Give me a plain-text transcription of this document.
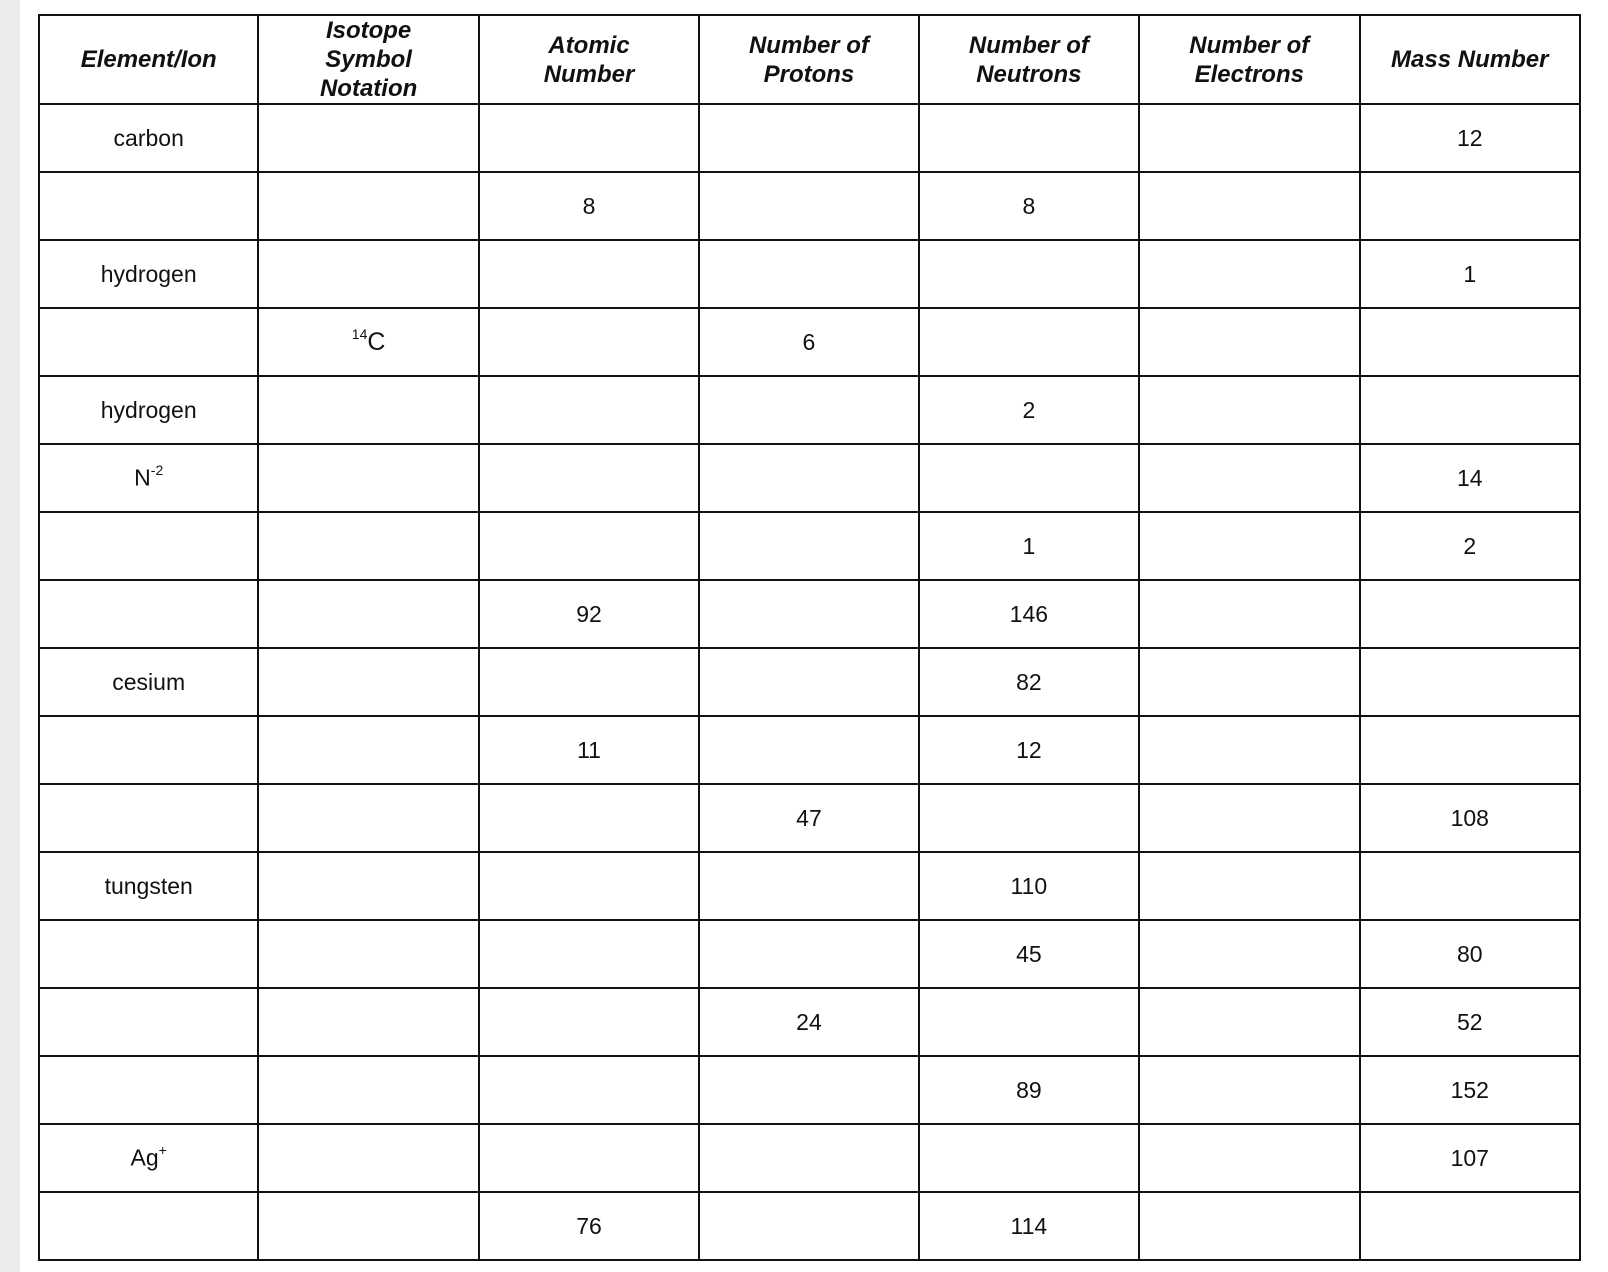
Element/Ion	Isotope Symbol Notation	Atomic Number	Number of Protons	Number of Neutrons	Number of Electrons	Mass Number
carbon						12
		8		8		
hydrogen						1
	$^{14}$C		6			
hydrogen				2		
$N^{-2}$						14
				1		2
		92		146		
cesium				82		
		11		12		
			47			108
tungsten				110		
				45		80
			24			52
				89		152
Ag+						107
		76		114		
